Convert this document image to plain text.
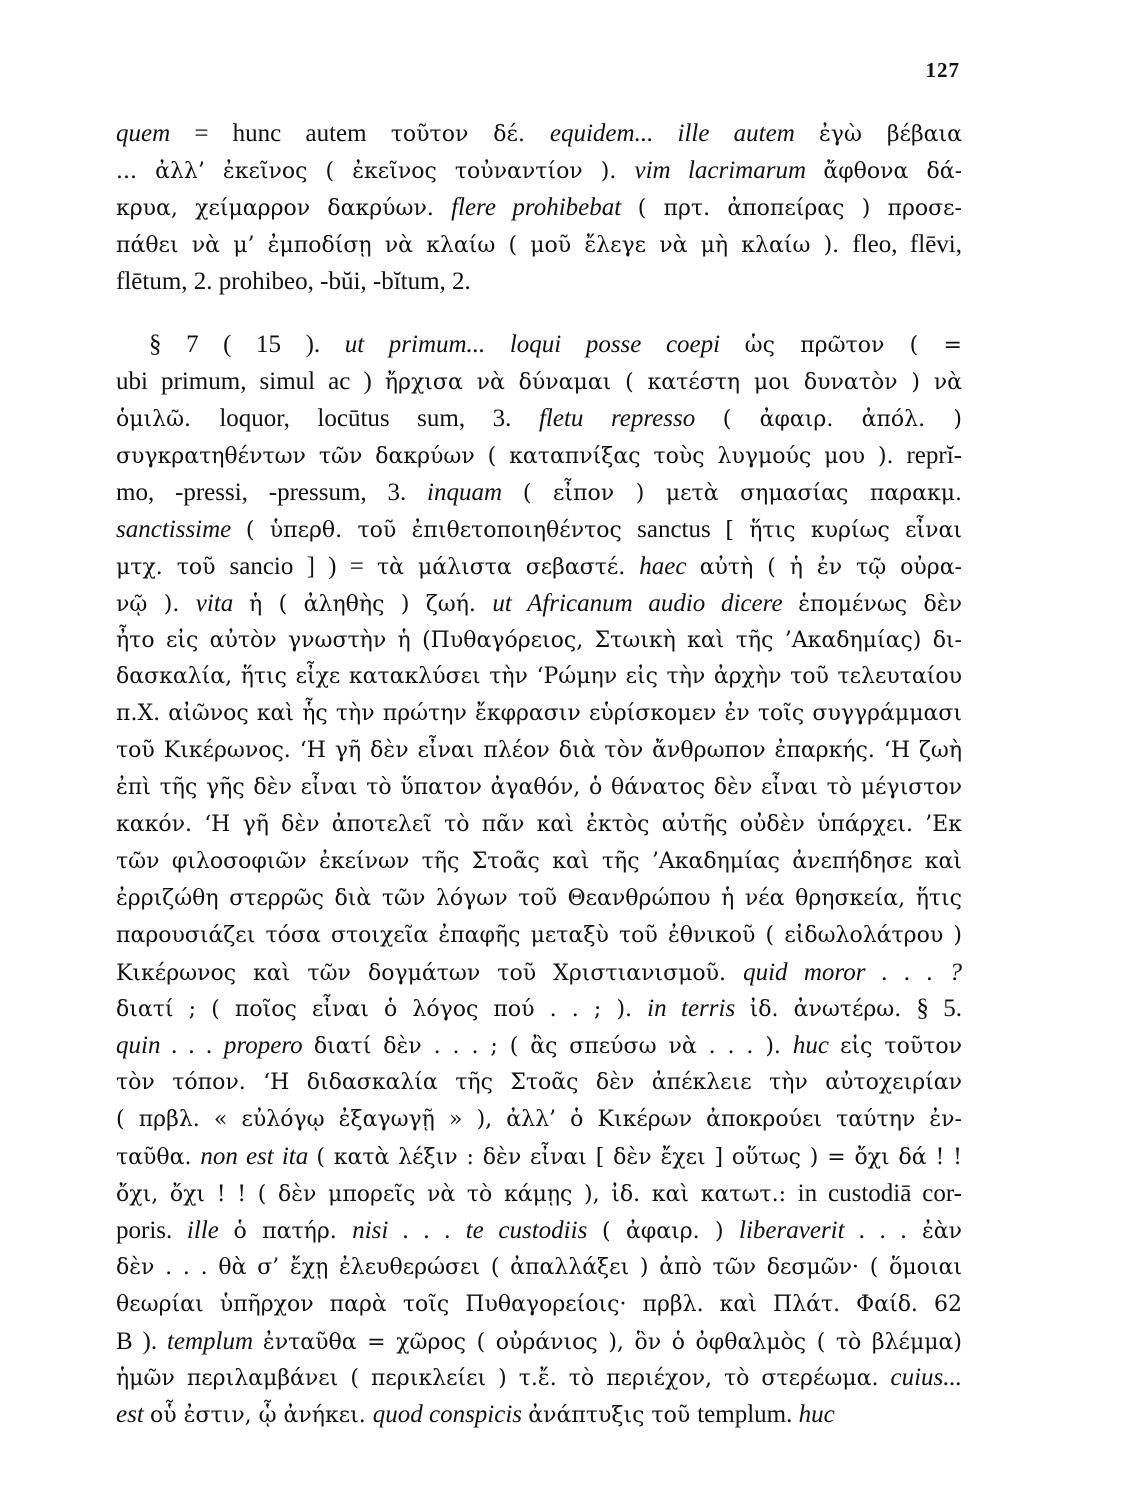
127
quem = hunc autem τοῦτον δέ. equidem... ille autem ἐγὼ βέβαια
... ἀλλ’ ἐκεῖνος ( ἐκεῖνος τοὐναντίον ). vim lacrimarum ἄφθονα δά-
κρυα, χείμαρρον δακρύων. flere prohibebat ( πρτ. ἀποπείρας ) προσε-
πάθει νὰ μ’ ἐμποδίσῃ νὰ κλαίω ( μοῦ ἔλεγε νὰ μὴ κλαίω ). fleo, flēvi,
flētum, 2. prohibeo, -bŭi, -bĭtum, 2.
§ 7 ( 15 ). ut primum... loqui posse coepi ὡς πρῶτον ( =
ubi primum, simul ac ) ἤρχισα νὰ δύναμαι ( κατέστη μοι δυνατὸν ) νὰ
ὁμιλῶ. loquor, locūtus sum, 3. fletu represso ( ἀφαιρ. ἀπόλ. )
συγκρατηθέντων τῶν δακρύων ( καταπνίξας τοὺς λυγμούς μου ). reprĭ-
mo, -pressi, -pressum, 3. inquam ( εἶπον ) μετὰ σημασίας παρακμ.
sanctissime ( ὑπερθ. τοῦ ἐπιθετοποιηθέντος sanctus [ ἥτις κυρίως εἶναι
μτχ. τοῦ sancio ] ) = τὰ μάλιστα σεβαστέ. haec αὐτὴ ( ἡ ἐν τῷ οὐρα-
νῷ ). vita ἡ ( ἀληθὴς ) ζωή. ut Africanum audio dicere ἑπομένως δὲν
ἦτο εἰς αὐτὸν γνωστὴν ἡ (Πυθαγόρειος, Στωικὴ καὶ τῆς ’Ακαδημίας) δι-
δασκαλία, ἥτις εἶχε κατακλύσει τὴν ‘Ρώμην εἰς τὴν ἀρχὴν τοῦ τελευταίου
π.Χ. αἰῶνος καὶ ἧς τὴν πρώτην ἔκφρασιν εὑρίσκομεν ἐν τοῖς συγγράμμασι
τοῦ Κικέρωνος. ‘Η γῆ δὲν εἶναι πλέον διὰ τὸν ἄνθρωπον ἐπαρκής. ‘Η ζωὴ
ἐπὶ τῆς γῆς δὲν εἶναι τὸ ὕπατον ἀγαθόν, ὁ θάνατος δὲν εἶναι τὸ μέγιστον
κακόν. ‘Η γῆ δὲν ἀποτελεῖ τὸ πᾶν καὶ ἐκτὸς αὐτῆς οὐδὲν ὑπάρχει. ’Εκ
τῶν φιλοσοφιῶν ἐκείνων τῆς Στοᾶς καὶ τῆς ’Ακαδημίας ἀνεπήδησε καὶ
ἐρριζώθη στερρῶς διὰ τῶν λόγων τοῦ Θεανθρώπου ἡ νέα θρησκεία, ἥτις
παρουσιάζει τόσα στοιχεῖα ἐπαφῆς μεταξὺ τοῦ ἐθνικοῦ ( εἰδωλολάτρου )
Κικέρωνος καὶ τῶν δογμάτων τοῦ Χριστιανισμοῦ. quid moror . . . ?
διατί ; ( ποῖος εἶναι ὁ λόγος πού . . ; ). in terris ἰδ. ἀνωτέρω. § 5.
quin . . . propero διατί δὲν . . . ; ( ἂς σπεύσω νὰ . . . ). huc εἰς τοῦτον
τὸν τόπον. ‘Η διδασκαλία τῆς Στοᾶς δὲν ἀπέκλειε τὴν αὐτοχειρίαν
( πρβλ. « εὐλόγῳ ἐξαγωγῇ » ), ἀλλ’ ὁ Κικέρων ἀποκρούει ταύτην ἐν-
ταῦθα. non est ita ( κατὰ λέξιν : δὲν εἶναι [ δὲν ἔχει ] οὕτως ) = ὄχι δά ! !
ὄχι, ὄχι ! ! ( δὲν μπορεῖς νὰ τὸ κάμῃς ), ἰδ. καὶ κατωτ.: in custodiā cor-
poris. ille ὁ πατήρ. nisi . . . te custodiis ( ἀφαιρ. ) liberaverit . . . ἐὰν
δὲν . . . θὰ σ’ ἔχῃ ἐλευθερώσει ( ἀπαλλάξει ) ἀπὸ τῶν δεσμῶν· ( ὅμοιαι
θεωρίαι ὑπῆρχον παρὰ τοῖς Πυθαγορείοις· πρβλ. καὶ Πλάτ. Φαίδ. 62
B ). templum ἐνταῦθα = χῶρος ( οὐράνιος ), ὃν ὁ ὀφθαλμὸς ( τὸ βλέμμα)
ἡμῶν περιλαμβάνει ( περικλείει ) τ.ἔ. τὸ περιέχον, τὸ στερέωμα. cuius...
est οὗ ἐστιν, ᾧ ἀνήκει. quod conspicis ἀνάπτυξις τοῦ templum. huc
